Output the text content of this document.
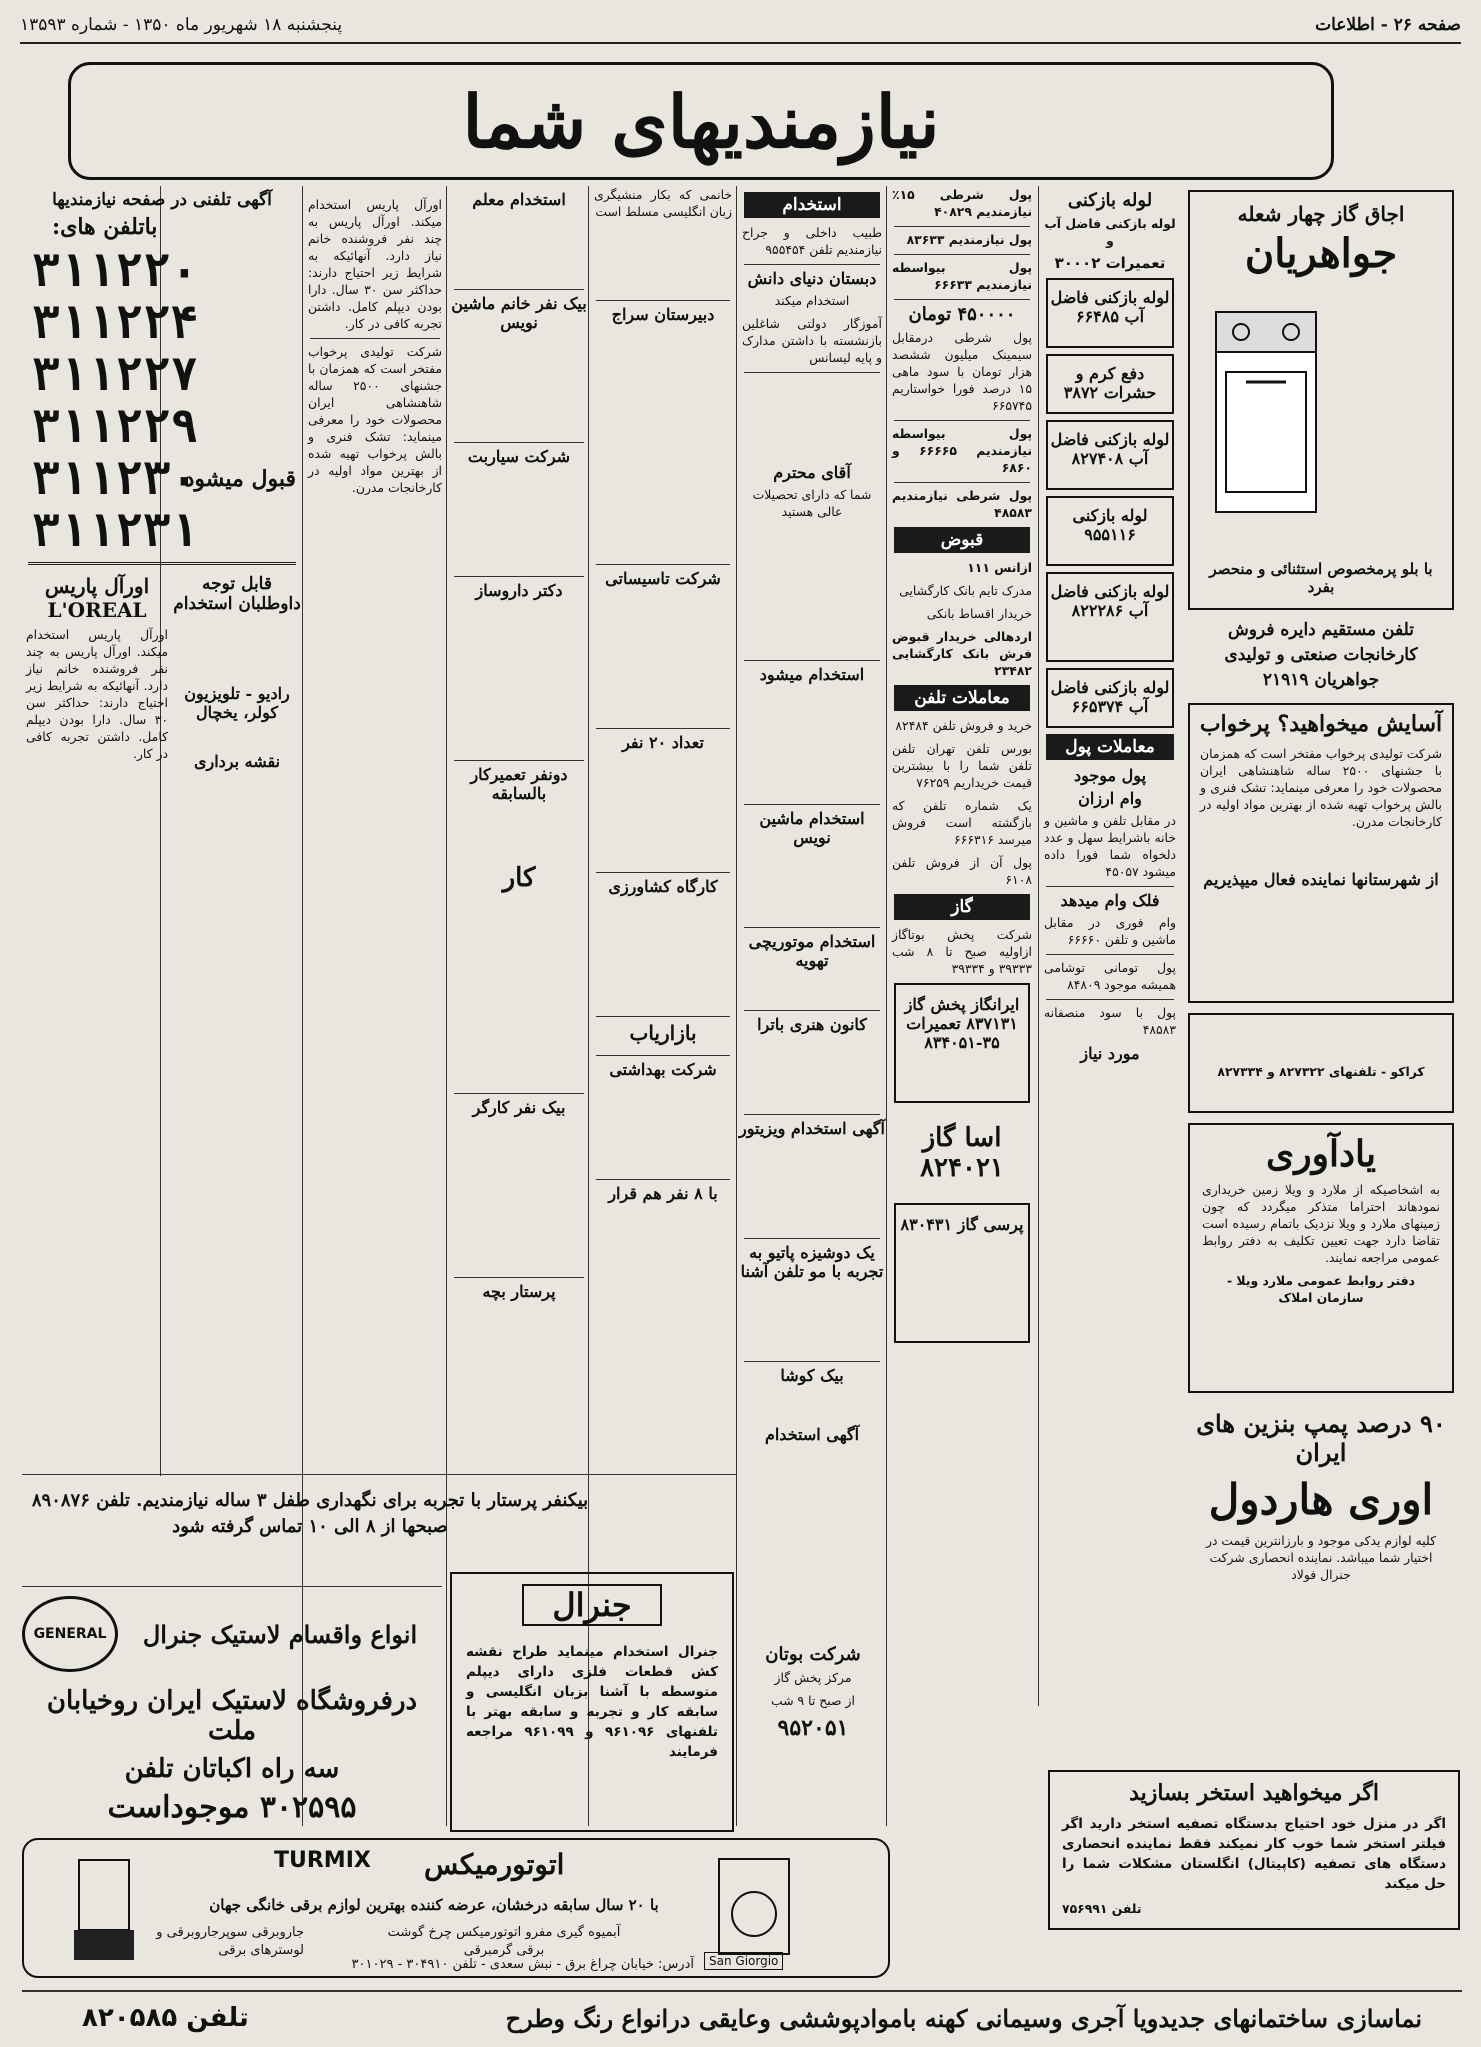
صفحه ۲۶ - اطلاعات
پنجشنبه ۱۸ شهریور ماه ۱۳۵۰ - شماره ۱۳۵۹۳
نیازمندیهای شما
اجاق گاز چهار شعله
جواهریان
با بلو پرمخصوص استثنائی و منحصر بفرد
تلفن مستقیم دایره فروش کارخانجات صنعتی و تولیدی جواهریان ۲۱۹۱۹
آسایش میخواهید؟ پرخواب
شرکت تولیدی پرخواب مفتخر است که همزمان با جشنهای ۲۵۰۰ ساله شاهنشاهی ایران محصولات خود را معرفی مینماید: تشک فنری و بالش پرخواب تهیه شده از بهترین مواد اولیه در کارخانجات مدرن.
از شهرستانها نماینده فعال میپذیریم
کراکو - تلفنهای ۸۲۷۳۲۲ و ۸۲۷۳۳۴
یادآوری
به اشخاصیکه از ملارد و ویلا زمین خریداری نمودهاند احتراما متذکر میگردد که چون زمینهای ملارد و ویلا نزدیک باتمام رسیده است تقاضا دارد جهت تعیین تکلیف به دفتر روابط عمومی مراجعه نمایند.
دفتر روابط عمومی ملارد ویلا - سازمان املاک
۹۰ درصد پمپ بنزین های ایران
اوری هاردول
کلیه لوازم یدکی موجود و بارزانترین قیمت در اختیار شما میباشد. نماینده انحصاری شرکت جنرال فولاد
لوله بازکنی
لوله بازکنی فاضل آب و
تعمیرات ۳۰۰۰۲
لوله بازکنی فاضل آب ۶۶۴۸۵
دفع کرم و حشرات ۳۸۷۲
لوله بازکنی فاضل آب ۸۲۷۴۰۸
لوله بازکنی ۹۵۵۱۱۶
لوله بازکنی فاضل آب ۸۲۲۲۸۶
لوله بازکنی فاضل آب ۶۶۵۳۷۴
معاملات پول
پول موجود
وام ارزان
در مقابل تلفن و ماشین و خانه باشرایط سهل و عدد دلخواه شما فورا داده میشود ۴۵۰۵۷
فلک وام میدهد
وام فوری در مقابل ماشین و تلفن ۶۶۶۶۰
پول تومانی توشامی همیشه موجود ۸۴۸۰۹
پول با سود منصفانه ۴۸۵۸۳
مورد نیاز
پول شرطی ۱۵٪ نیازمندیم ۴۰۸۲۹
پول نیازمندیم ۸۳۶۳۳
پول بیواسطه نیازمندیم ۶۶۶۳۳
۴۵۰۰۰۰ تومان
پول شرطی درمقابل سیمینک میلیون ششصد هزار تومان با سود ماهی ۱۵ درصد فورا خواستاریم ۶۶۵۷۴۵
پول بیواسطه نیازمندیم ۶۶۶۶۵ و ۶۸۶۰
پول شرطی نیازمندیم ۴۸۵۸۳
قبوض
ازانس ۱۱۱
مدرک تایم بانک کارگشایی
خریدار اقساط بانکی
اردهالی خریدار قبوض فرش بانک کارگشایی ۲۳۴۸۲
معاملات تلفن
خرید و فروش تلفن ۸۲۴۸۴
بورس تلفن تهران تلفن تلفن شما را با بیشترین قیمت خریداریم ۷۶۲۵۹
یک شماره تلفن که بازگشته است فروش میرسد ۶۶۶۳۱۶
پول آن از فروش تلفن ۶۱۰۸
گاز
شرکت پخش بوتاگاز ازاولیه صبح تا ۸ شب ۳۹۳۳۳ و ۳۹۳۳۴
ایرانگاز پخش گاز ۸۳۷۱۳۱ تعمیرات ۳۵-۸۳۴۰۵۱
اسا گاز ۸۲۴۰۲۱
پرسی گاز ۸۳۰۴۳۱
استخدام
طبیب داخلی و جراح نیازمندیم تلفن ۹۵۵۴۵۴
دبستان دنیای دانش
استخدام میکند
آموزگار دولتی شاغلین بازنشسته با داشتن مدارک و پایه لیسانس
آقای محترم
شما که دارای تحصیلات عالی هستید
استخدام میشود
استخدام ماشین نویس
استخدام موتوریچی تهویه
کانون هنری باترا
آگهی استخدام ویزیتور
یک دوشیزه پاتیو به تجربه با مو تلفن آشنا
بیک کوشا
آگهی استخدام
خانمی که بکار منشیگری زبان انگلیسی مسلط است
دبیرستان سراج
شرکت تاسیساتی
تعداد ۲۰ نفر
کارگاه کشاورزی
بازاریاب
شرکت بهداشتی
با ۸ نفر هم قرار
استخدام معلم
بیک نفر خانم ماشین نویس
شرکت سیاربت
دکتر داروساز
دونفر تعمیرکار بالسابقه
کار
بیک نفر کارگر
پرستار بچه
اورآل پاریس استخدام میکند. اورآل پاریس به چند نفر فروشنده خانم نیاز دارد. آنهائیکه به شرایط زیر احتیاج دارند: حداکثر سن ۳۰ سال. دارا بودن دیپلم کامل. داشتن تجربه کافی در کار.
شرکت تولیدی پرخواب مفتخر است که همزمان با جشنهای ۲۵۰۰ ساله شاهنشاهی ایران محصولات خود را معرفی مینماید: تشک فنری و بالش پرخواب تهیه شده از بهترین مواد اولیه در کارخانجات مدرن.
آگهی تلفنی در صفحه نیازمندیها
باتلفن های:
۳۱۱۲۲۰
۳۱۱۲۲۴
۳۱۱۲۲۷
۳۱۱۲۲۹
۳۱۱۲۳۰
۳۱۱۲۳۱
قبول میشود
قابل توجه داوطلبان استخدام
رادیو - تلویزیون کولر، یخچال
نقشه برداری
اورآل پاریس L'OREAL
اورآل پاریس استخدام میکند. اورآل پاریس به چند نفر فروشنده خانم نیاز دارد. آنهائیکه به شرایط زیر احتیاج دارند: حداکثر سن ۳۰ سال. دارا بودن دیپلم کامل. داشتن تجربه کافی در کار.
بیکنفر پرستار با تجربه برای نگهداری طفل ۳ ساله نیازمندیم. تلفن ۸۹۰۸۷۶ صبحها از ۸ الی ۱۰ تماس گرفته شود
انواع واقسام لاستیک جنرال
GENERAL
درفروشگاه لاستیک ایران روخیابان ملت
سه راه اکباتان تلفن
۳۰۲۵۹۵ موجوداست
جنرال
جنرال استخدام مینماید طراح نقشه کش قطعات فلزی دارای دیپلم متوسطه با آشنا بزبان انگلیسی و سابقه کار و تجربه و سابقه بهتر با تلفنهای ۹۶۱۰۹۶ و ۹۶۱۰۹۹ مراجعه فرمایند
شرکت بوتان
مرکز پخش گاز
از صبح تا ۹ شب
۹۵۲۰۵۱
اگر میخواهید استخر بسازید
اگر در منزل خود احتیاج بدستگاه تصفیه استخر دارید اگر فیلتر استخر شما خوب کار نمیکند فقط نماینده انحصاری دستگاه های تصفیه (کاپیتال) انگلستان مشکلات شما را حل میکند
تلفن ۷۵۶۹۹۱
TURMIX اتوتورمیکس
با ۲۰ سال سابقه درخشان، عرضه کننده بهترین لوازم برقی خانگی جهان
جاروبرقی سوپرجاروبرقی و لوسترهای برقی
آبمیوه گیری مفرو اتوتورمیکس چرخ گوشت برقی گرمبرقی
San Giorgio
آدرس: خیابان چراغ برق - نبش سعدی - تلفن ۳۰۴۹۱۰ - ۳۰۱۰۲۹
نماسازی ساختمانهای جدیدویا آجری وسیمانی کهنه باموادپوششی وعایقی درانواع رنگ وطرح
تلفن ۸۲۰۵۸۵
